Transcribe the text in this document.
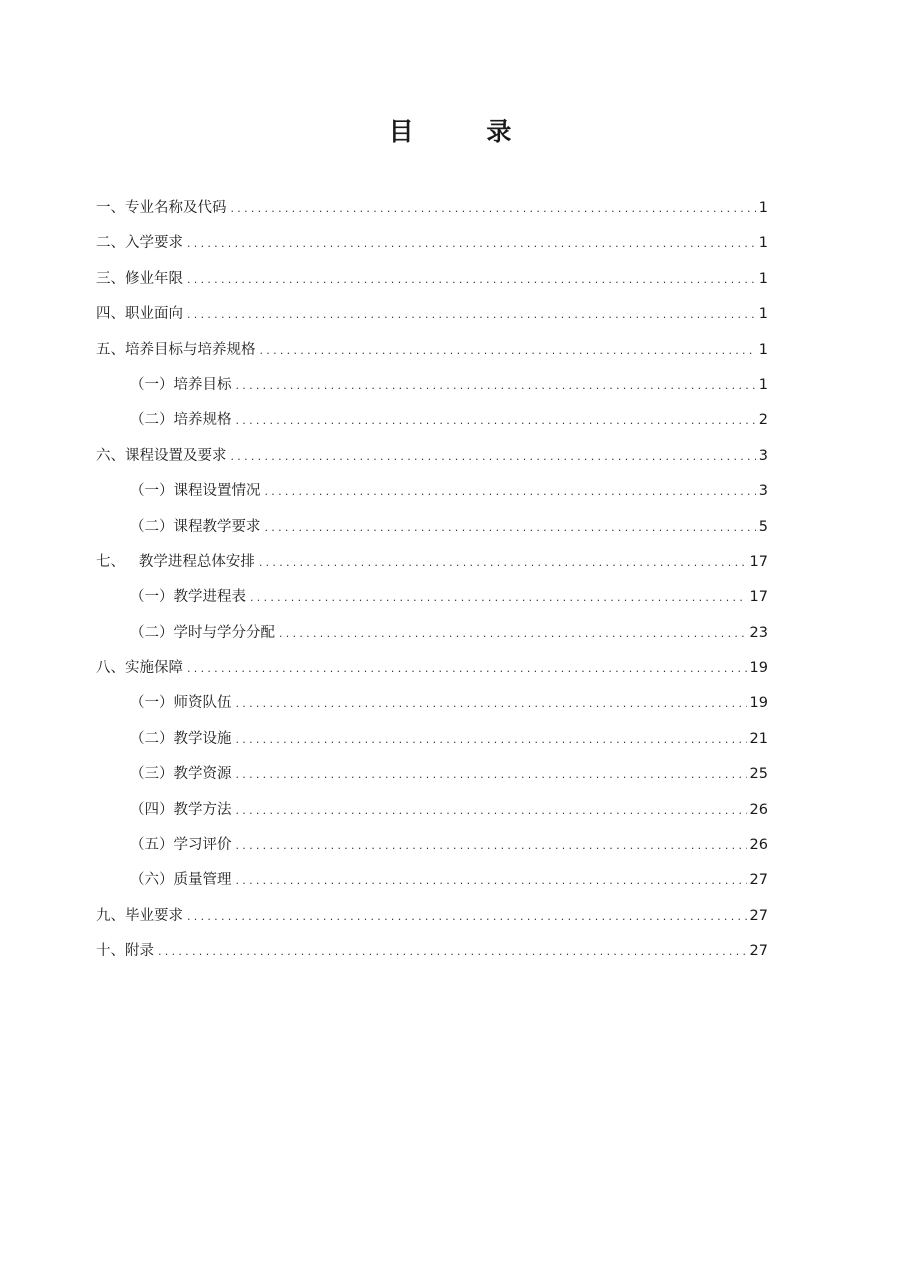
目 录
一、专业名称及代码 .....	1
二、入学要求 .....	1
三、修业年限 .....	1
四、职业面向 .....	1
五、培养目标与培养规格 .....	1
（一）培养目标 .....	1
（二）培养规格 .....	2
六、课程设置及要求 .....	3
（一）课程设置情况 .....	3
（二）课程教学要求 .....	5
七、   教学进程总体安排 .....	17
（一）教学进程表 .....	17
（二）学时与学分分配 .....	23
八、实施保障 .....	19
（一）师资队伍 .....	19
（二）教学设施 .....	21
（三）教学资源 .....	25
（四）教学方法 .....	26
（五）学习评价 .....	26
（六）质量管理 .....	27
九、毕业要求 .....	27
十、附录 .....	27
